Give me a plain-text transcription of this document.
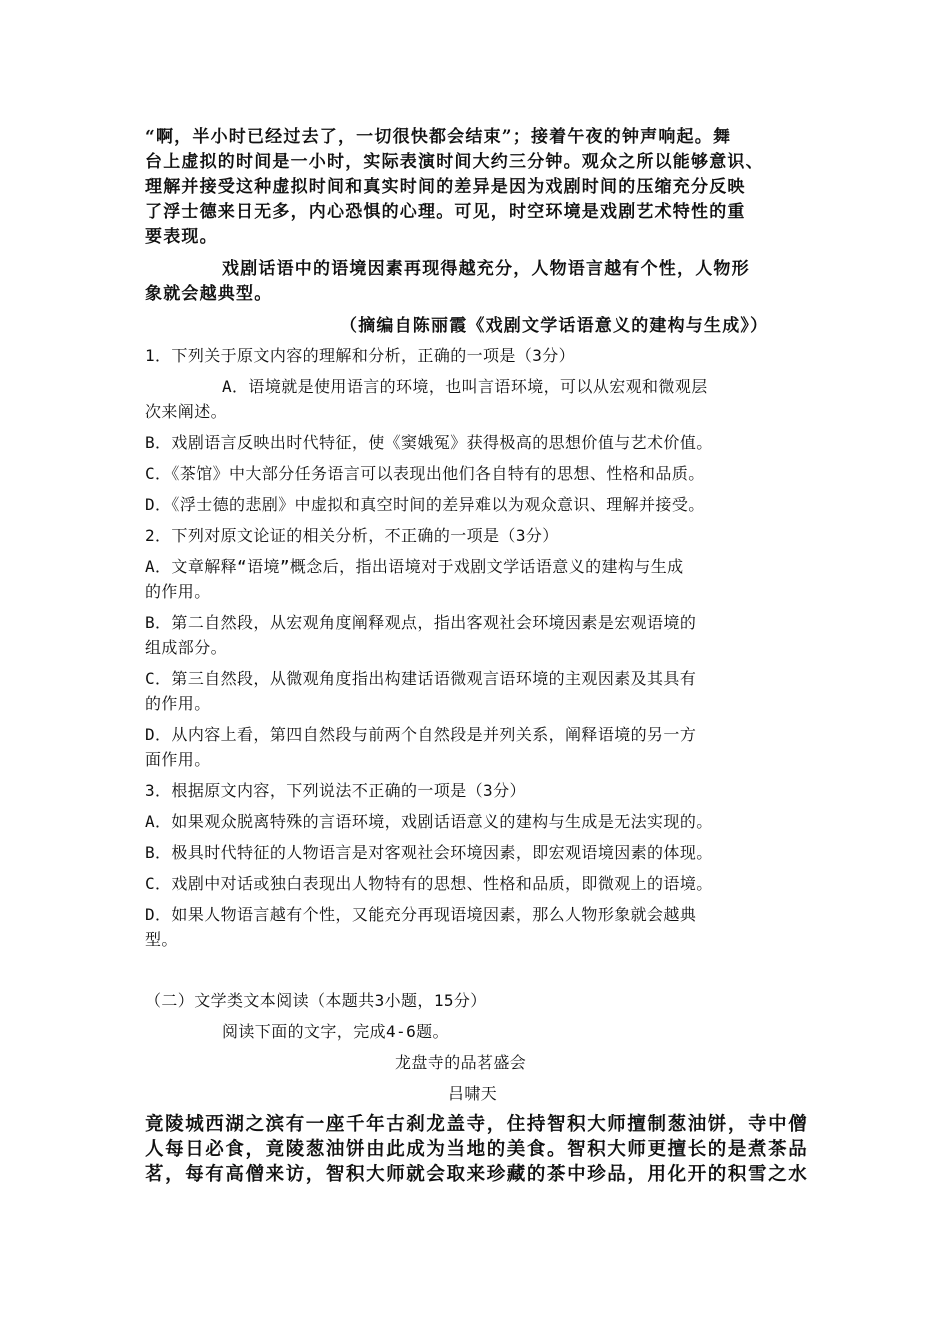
“啊，半小时已经过去了，一切很快都会结束”；接着午夜的钟声响起。舞
台上虚拟的时间是一小时，实际表演时间大约三分钟。观众之所以能够意识、
理解并接受这种虚拟时间和真实时间的差异是因为戏剧时间的压缩充分反映
了浮士德来日无多，内心恐惧的心理。可见，时空环境是戏剧艺术特性的重
要表现。
戏剧话语中的语境因素再现得越充分，人物语言越有个性，人物形
象就会越典型。
（摘编自陈丽霞《戏剧文学话语意义的建构与生成》）
1．下列关于原文内容的理解和分析，正确的一项是（3分）
A．语境就是使用语言的环境，也叫言语环境，可以从宏观和微观层
次来阐述。
B．戏剧语言反映出时代特征，使《窦娥冤》获得极高的思想价值与艺术价值。
C．《茶馆》中大部分任务语言可以表现出他们各自特有的思想、性格和品质。
D．《浮士德的悲剧》中虚拟和真空时间的差异难以为观众意识、理解并接受。
2．下列对原文论证的相关分析，不正确的一项是（3分）
A．文章解释“语境”概念后，指出语境对于戏剧文学话语意义的建构与生成
的作用。
B．第二自然段，从宏观角度阐释观点，指出客观社会环境因素是宏观语境的
组成部分。
C．第三自然段，从微观角度指出构建话语微观言语环境的主观因素及其具有
的作用。
D．从内容上看，第四自然段与前两个自然段是并列关系，阐释语境的另一方
面作用。
3．根据原文内容，下列说法不正确的一项是（3分）
A．如果观众脱离特殊的言语环境，戏剧话语意义的建构与生成是无法实现的。
B．极具时代特征的人物语言是对客观社会环境因素，即宏观语境因素的体现。
C．戏剧中对话或独白表现出人物特有的思想、性格和品质，即微观上的语境。
D．如果人物语言越有个性，又能充分再现语境因素，那么人物形象就会越典
型。
（二）文学类文本阅读（本题共3小题，15分）
阅读下面的文字，完成4-6题。
龙盘寺的品茗盛会
吕啸天
竟陵城西湖之滨有一座千年古刹龙盖寺，住持智积大师擅制葱油饼，寺中僧
人每日必食，竟陵葱油饼由此成为当地的美食。智积大师更擅长的是煮茶品
茗，每有高僧来访，智积大师就会取来珍藏的茶中珍品，用化开的积雪之水
